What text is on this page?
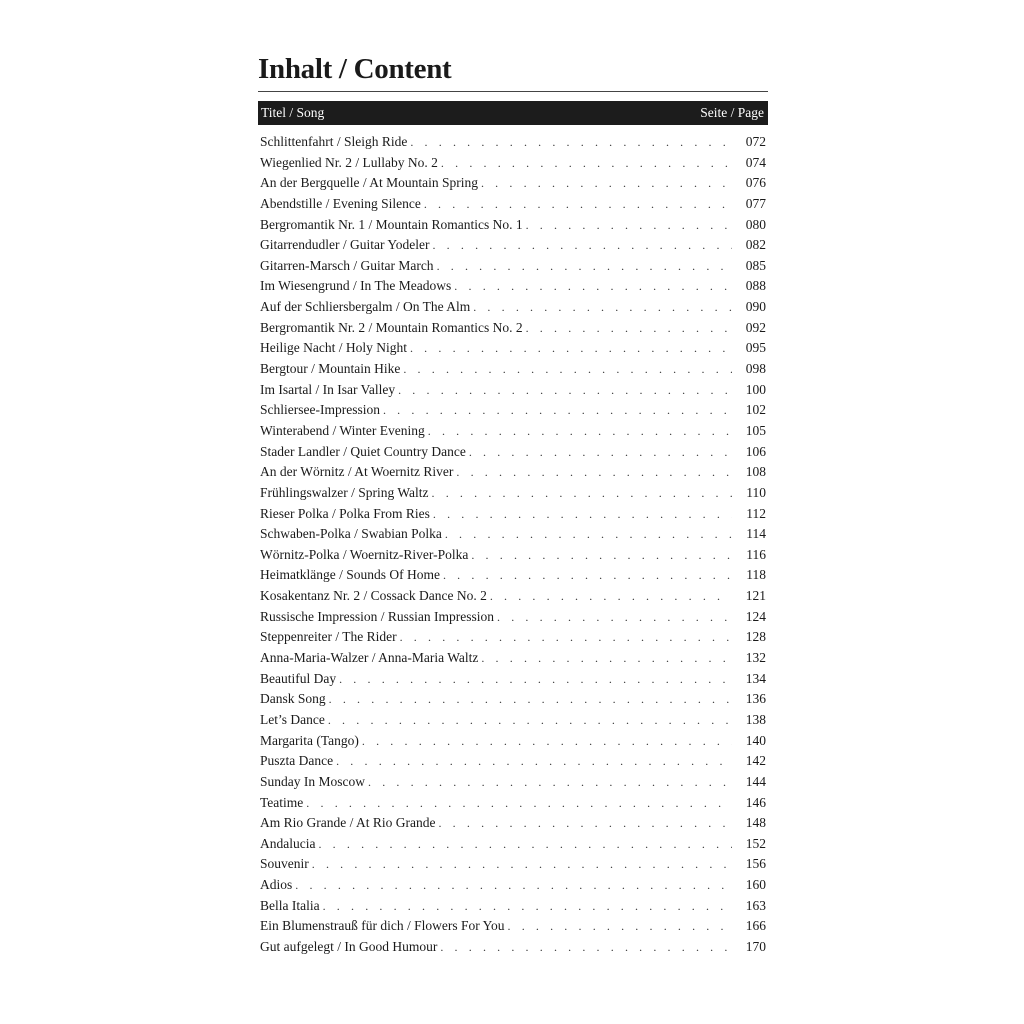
Inhalt / Content
Titel / Song	Seite / Page
Schlittenfahrt / Sleigh Ride . . .	072
Wiegenlied Nr. 2 / Lullaby No. 2 . . .	074
An der Bergquelle / At Mountain Spring . . .	076
Abendstille / Evening Silence . . .	077
Bergromantik Nr. 1 / Mountain Romantics No. 1 . . .	080
Gitarrendudler / Guitar Yodeler . . .	082
Gitarren-Marsch / Guitar March . . .	085
Im Wiesengrund / In The Meadows . . .	088
Auf der Schliersbergalm / On The Alm . . .	090
Bergromantik Nr. 2 / Mountain Romantics No. 2 . . .	092
Heilige Nacht / Holy Night . . .	095
Bergtour / Mountain Hike . . .	098
Im Isartal / In Isar Valley . . .	100
Schliersee-Impression . . .	102
Winterabend / Winter Evening . . .	105
Stader Landler / Quiet Country Dance . . .	106
An der Wörnitz / At Woernitz River . . .	108
Frühlingswalzer / Spring Waltz . . .	110
Rieser Polka / Polka From Ries . . .	112
Schwaben-Polka / Swabian Polka . . .	114
Wörnitz-Polka / Woernitz-River-Polka . . .	116
Heimatklänge / Sounds Of Home . . .	118
Kosakentanz Nr. 2 / Cossack Dance No. 2 . . .	121
Russische Impression / Russian Impression . . .	124
Steppenreiter / The Rider . . .	128
Anna-Maria-Walzer / Anna-Maria Waltz . . .	132
Beautiful Day . . .	134
Dansk Song . . .	136
Let’s Dance . . .	138
Margarita (Tango) . . .	140
Puszta Dance . . .	142
Sunday In Moscow . . .	144
Teatime . . .	146
Am Rio Grande / At Rio Grande . . .	148
Andalucia . . .	152
Souvenir . . .	156
Adios . . .	160
Bella Italia . . .	163
Ein Blumenstrauß für dich / Flowers For You . . .	166
Gut aufgelegt / In Good Humour . . .	170
